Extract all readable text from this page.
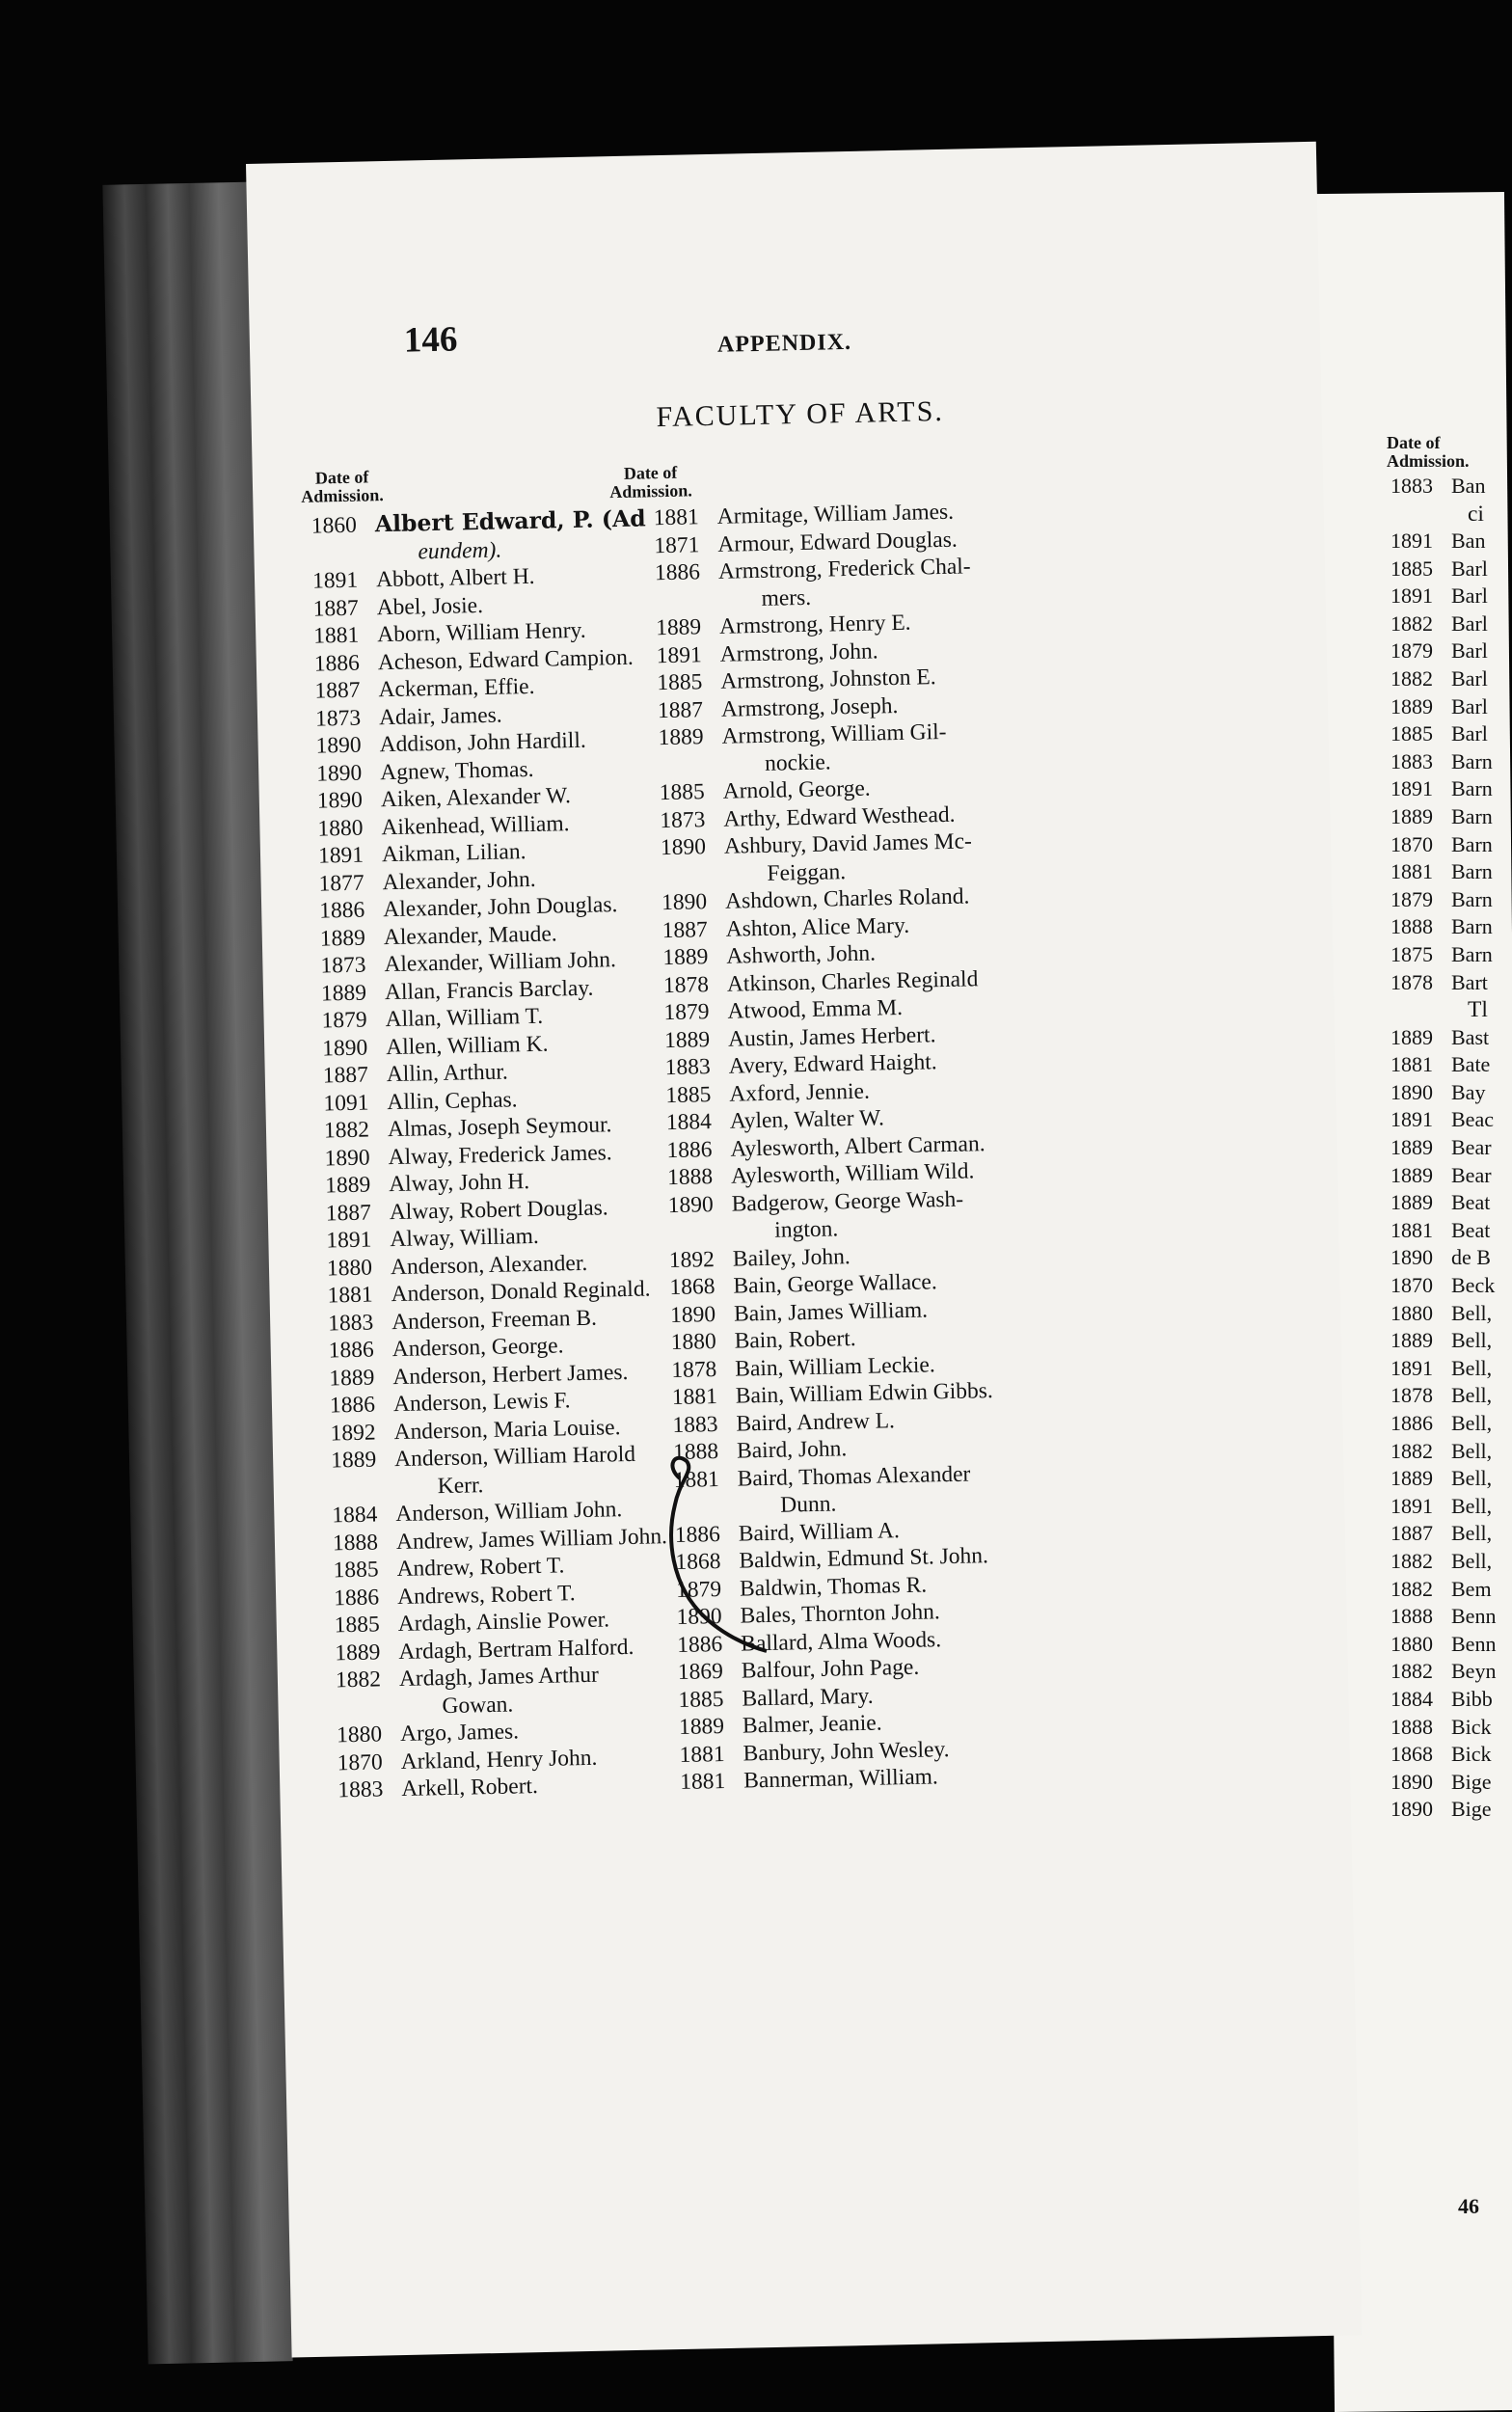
146	APPENDIX.
FACULTY OF ARTS.
Date of
Admission.
Date of
Admission.
1860 Albert Edward, P. (Ad
eundem).
1891 Abbott, Albert H.
1887 Abel, Josie.
1881 Aborn, William Henry.
1886 Acheson, Edward Campion.
1887 Ackerman, Effie.
1873 Adair, James.
1890 Addison, John Hardill.
1890 Agnew, Thomas.
1890 Aiken, Alexander W.
1880 Aikenhead, William.
1891 Aikman, Lilian.
1877 Alexander, John.
1886 Alexander, John Douglas.
1889 Alexander, Maude.
1873 Alexander, William John.
1889 Allan, Francis Barclay.
1879 Allan, William T.
1890 Allen, William K.
1887 Allin, Arthur.
1091 Allin, Cephas.
1882 Almas, Joseph Seymour.
1890 Alway, Frederick James.
1889 Alway, John H.
1887 Alway, Robert Douglas.
1891 Alway, William.
1880 Anderson, Alexander.
1881 Anderson, Donald Reginald.
1883 Anderson, Freeman B.
1886 Anderson, George.
1889 Anderson, Herbert James.
1886 Anderson, Lewis F.
1892 Anderson, Maria Louise.
1889 Anderson, William Harold
Kerr.
1884 Anderson, William John.
1888 Andrew, James William John.
1885 Andrew, Robert T.
1886 Andrews, Robert T.
1885 Ardagh, Ainslie Power.
1889 Ardagh, Bertram Halford.
1882 Ardagh, James Arthur
Gowan.
1880 Argo, James.
1870 Arkland, Henry John.
1883 Arkell, Robert.
1881 Armitage, William James.
1871 Armour, Edward Douglas.
1886 Armstrong, Frederick Chal-
mers.
1889 Armstrong, Henry E.
1891 Armstrong, John.
1885 Armstrong, Johnston E.
1887 Armstrong, Joseph.
1889 Armstrong, William Gil-
nockie.
1885 Arnold, George.
1873 Arthy, Edward Westhead.
1890 Ashbury, David James Mc-
Feiggan.
1890 Ashdown, Charles Roland.
1887 Ashton, Alice Mary.
1889 Ashworth, John.
1878 Atkinson, Charles Reginald
1879 Atwood, Emma M.
1889 Austin, James Herbert.
1883 Avery, Edward Haight.
1885 Axford, Jennie.
1884 Aylen, Walter W.
1886 Aylesworth, Albert Carman.
1888 Aylesworth, William Wild.
1890 Badgerow, George Wash-
ington.
1892 Bailey, John.
1868 Bain, George Wallace.
1890 Bain, James William.
1880 Bain, Robert.
1878 Bain, William Leckie.
1881 Bain, William Edwin Gibbs.
1883 Baird, Andrew L.
1888 Baird, John.
1881 Baird, Thomas Alexander
Dunn.
1886 Baird, William A.
1868 Baldwin, Edmund St. John.
1879 Baldwin, Thomas R.
1890 Bales, Thornton John.
1886 Ballard, Alma Woods.
1869 Balfour, John Page.
1885 Ballard, Mary.
1889 Balmer, Jeanie.
1881 Banbury, John Wesley.
1881 Bannerman, William.
Date of
Admission.
1883 Ban
ci
1891 Ban
1885 Barl
1891 Barl
1882 Barl
1879 Barl
1882 Barl
1889 Barl
1885 Barl
1883 Barn
1891 Barn
1889 Barn
1870 Barn
1881 Barn
1879 Barn
1888 Barn
1875 Barn
1878 Bart
Tl
1889 Bast
1881 Bate
1890 Bay
1891 Beac
1889 Bear
1889 Bear
1889 Beat
1881 Beat
1890 de B
1870 Beck
1880 Bell,
1889 Bell,
1891 Bell,
1878 Bell,
1886 Bell,
1882 Bell,
1889 Bell,
1891 Bell,
1887 Bell,
1882 Bell,
1882 Bem
1888 Benn
1880 Benn
1882 Beyn
1884 Bibb
1888 Bick
1868 Bick
1890 Bige
1890 Bige
46
